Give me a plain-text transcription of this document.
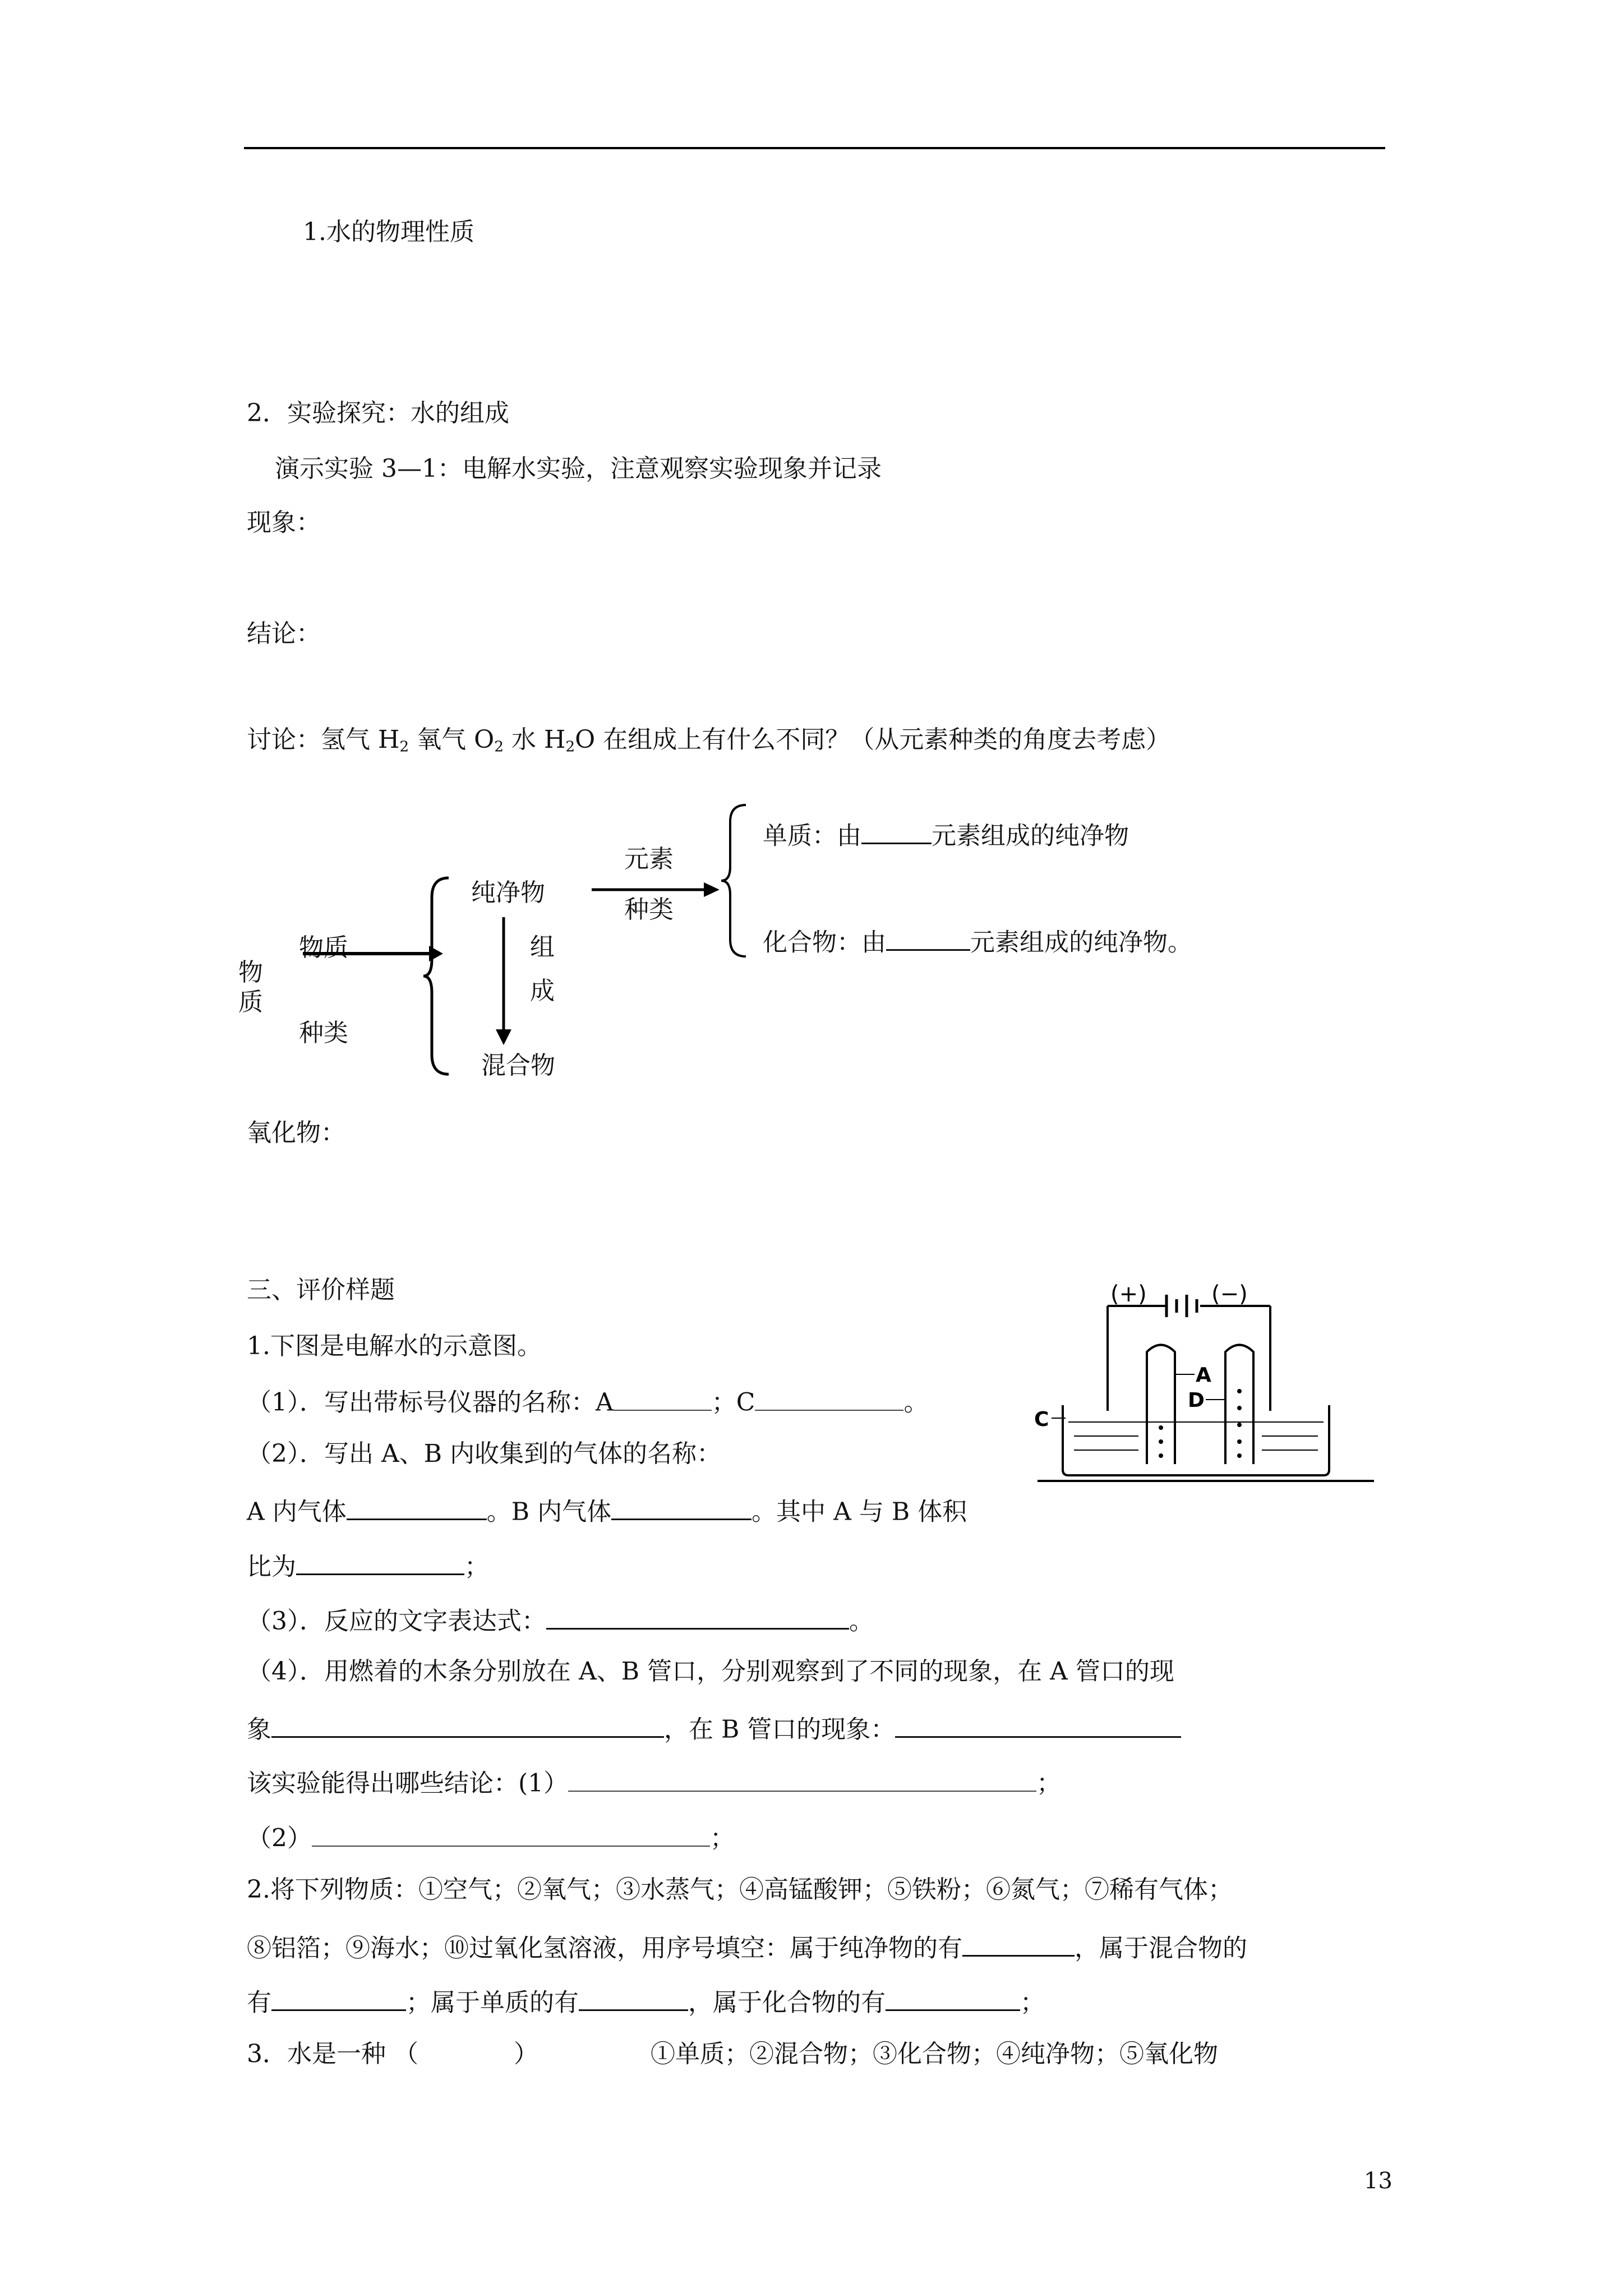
1.水的物理性质
2．实验探究：水的组成
演示实验 3—1：电解水实验，注意观察实验现象并记录
现象：
结论：
讨论：氢气 $H_2$ 氧气 $O_2$ 水 $H_2O$ 在组成上有什么不同？（从元素种类的角度去考虑）
物
质
物质
种类
纯净物
组
成
混合物
元素
种类
单质：由	元素组成的纯净物
化合物：由	元素组成的纯净物。
氧化物：
三、评价样题
1.下图是电解水的示意图。
（1）．写出带标号仪器的名称：A	；C	。
（2）．写出 A、B 内收集到的气体的名称：
A 内气体	。B 内气体	。其中 A 与 B 体积
比为	；
（3）．反应的文字表达式：	。
（4）．用燃着的木条分别放在 A、B 管口，分别观察到了不同的现象，在 A 管口的现
象	，在 B 管口的现象：
该实验能得出哪些结论：(1）	；
（2）	；
2.将下列物质：①空气；②氧气；③水蒸气；④高锰酸钾；⑤铁粉；⑥氮气；⑦稀有气体；
⑧铝箔；⑨海水；⑩过氧化氢溶液，用序号填空：属于纯净物的有	，属于混合物的
有	；属于单质的有	，属于化合物的有	；
3．水是一种 （	）	①单质；②混合物；③化合物；④纯净物；⑤氧化物
(+)	(−)
A
D
C
13
